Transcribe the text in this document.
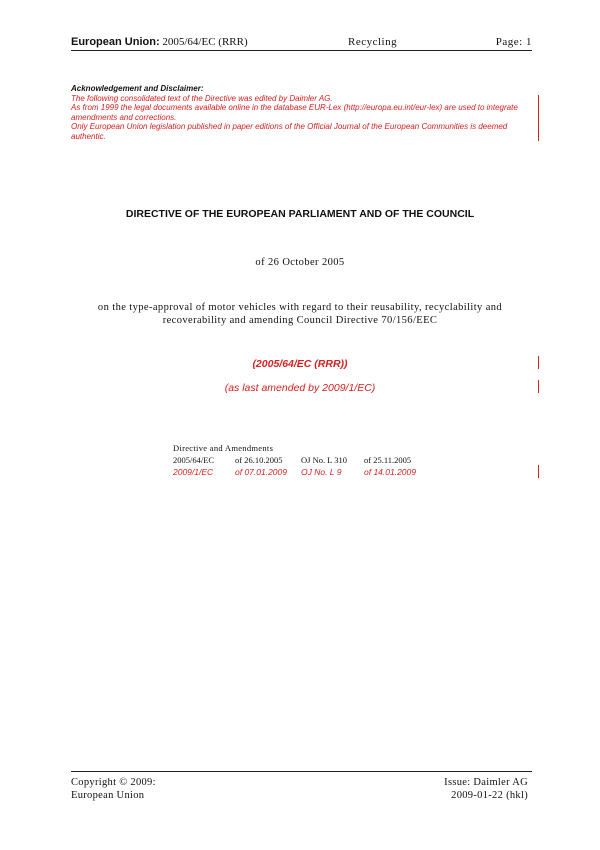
European Union: 2005/64/EC (RRR)	Recycling	Page: 1
Acknowledgement and Disclaimer:
The following consolidated text of the Directive was edited by Daimler AG.
As from 1999 the legal documents available online in the database EUR-Lex (http://europa.eu.int/eur-lex) are used to integrate amendments and corrections.
Only European Union legislation published in paper editions of the Official Journal of the European Communities is deemed authentic.
DIRECTIVE OF THE EUROPEAN PARLIAMENT AND OF THE COUNCIL
of 26 October 2005
on the type-approval of motor vehicles with regard to their reusability, recyclability and
recoverability and amending Council Directive 70/156/EEC
(2005/64/EC (RRR))
(as last amended by 2009/1/EC)
Directive and Amendments
2005/64/EC of 26.10.2005 OJ No. L 310 of 25.11.2005
2009/1/EC	of 07.01.2009 OJ No. L 9	of 14.01.2009
Copyright © 2009:
European Union
Issue: Daimler AG
2009-01-22 (hkl)
